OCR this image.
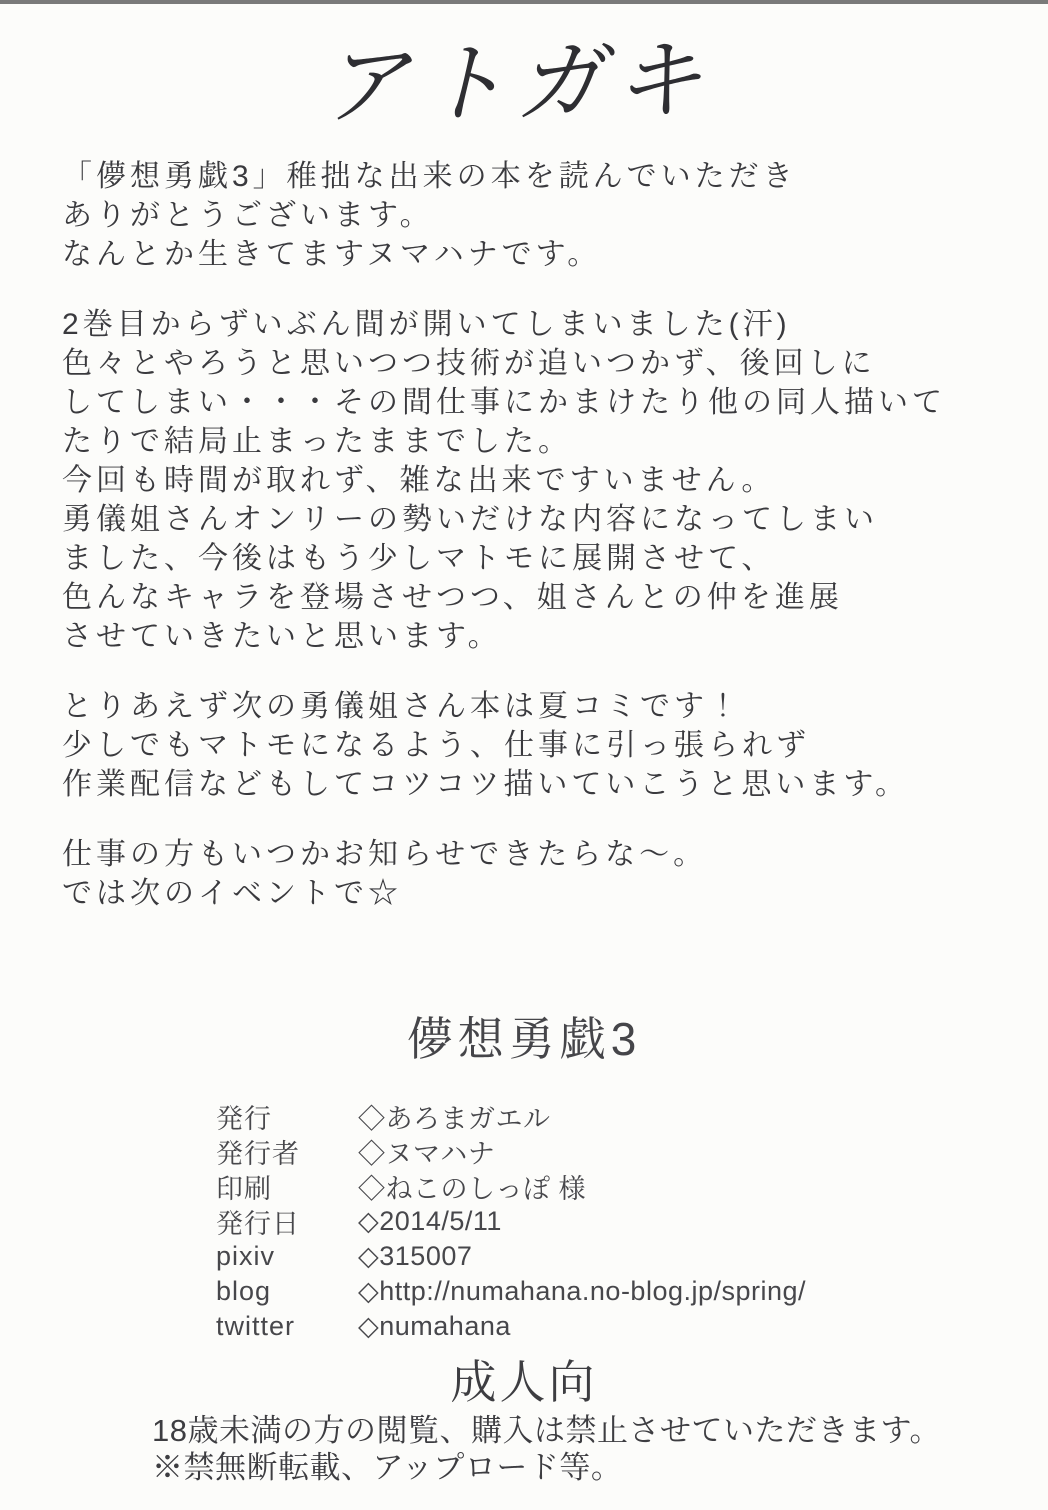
アトガキ
「儚想勇戯3」稚拙な出来の本を読んでいただき
ありがとうございます。
なんとか生きてますヌマハナです。
2巻目からずいぶん間が開いてしまいました(汗)
色々とやろうと思いつつ技術が追いつかず、後回しに
してしまい・・・その間仕事にかまけたり他の同人描いて
たりで結局止まったままでした。
今回も時間が取れず、雑な出来ですいません。
勇儀姐さんオンリーの勢いだけな内容になってしまい
ました、今後はもう少しマトモに展開させて、
色んなキャラを登場させつつ、姐さんとの仲を進展
させていきたいと思います。
とりあえず次の勇儀姐さん本は夏コミです！
少しでもマトモになるよう、仕事に引っ張られず
作業配信などもしてコツコツ描いていこうと思います。
仕事の方もいつかお知らせできたらな～。
では次のイベントで☆
儚想勇戯3
発行	◇あろまガエル
発行者	◇ヌマハナ
印刷	◇ねこのしっぽ 様
発行日	◇2014/5/11
pixiv	◇315007
blog	◇http://numahana.no-blog.jp/spring/
twitter	◇numahana
成人向
18歳未満の方の閲覧、購入は禁止させていただきます。
※禁無断転載、アップロード等。
